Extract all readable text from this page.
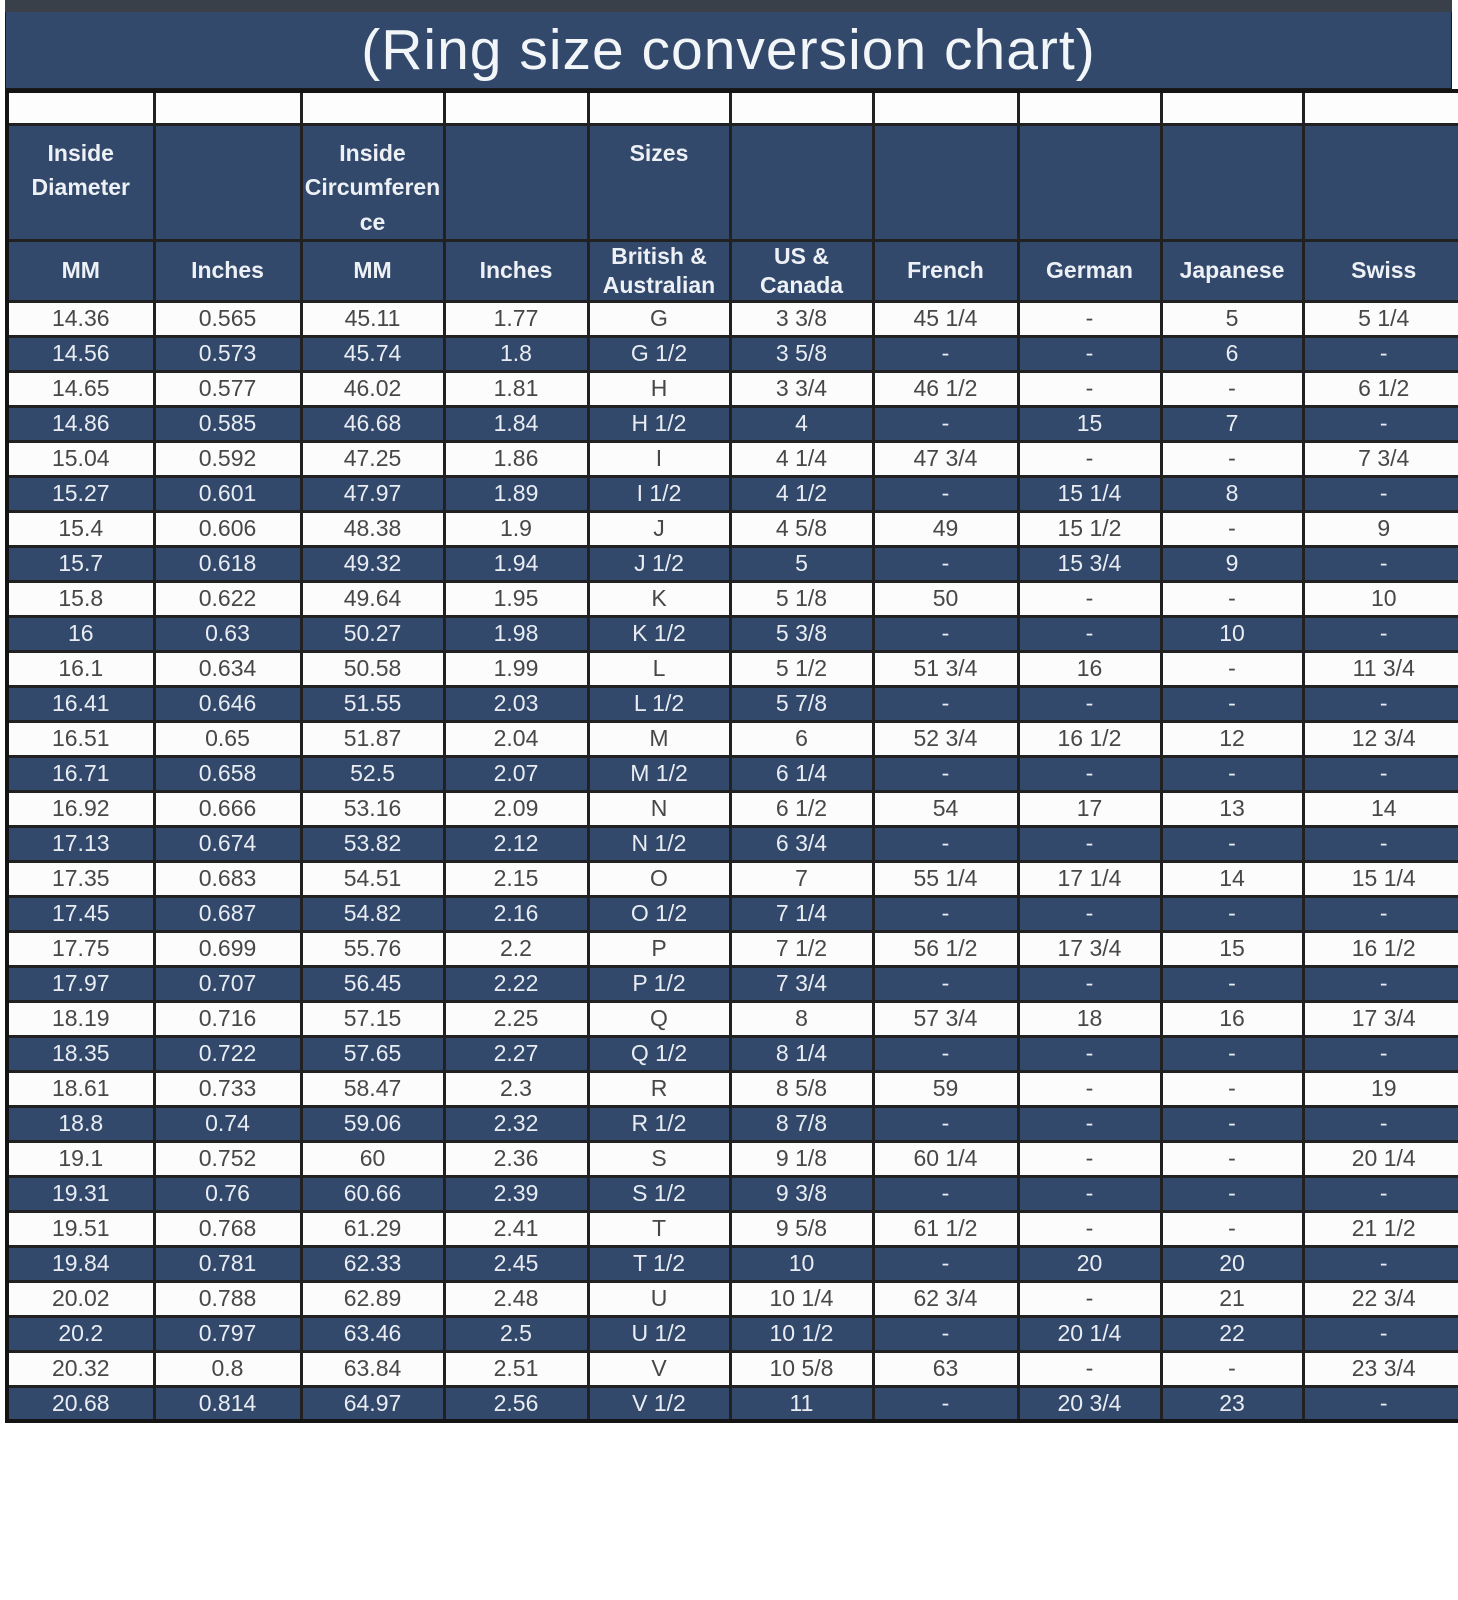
(Ring size conversion chart)

Inside Diameter		Inside Circumference		Sizes					
MM	Inches	MM	Inches	British & Australian	US & Canada	French	German	Japanese	Swiss
14.36	0.565	45.11	1.77	G	3 3/8	45 1/4	-	5	5 1/4
14.56	0.573	45.74	1.8	G 1/2	3 5/8	-	-	6	-
14.65	0.577	46.02	1.81	H	3 3/4	46 1/2	-	-	6 1/2
14.86	0.585	46.68	1.84	H 1/2	4	-	15	7	-
15.04	0.592	47.25	1.86	I	4 1/4	47 3/4	-	-	7 3/4
15.27	0.601	47.97	1.89	I 1/2	4 1/2	-	15 1/4	8	-
15.4	0.606	48.38	1.9	J	4 5/8	49	15 1/2	-	9
15.7	0.618	49.32	1.94	J 1/2	5	-	15 3/4	9	-
15.8	0.622	49.64	1.95	K	5 1/8	50	-	-	10
16	0.63	50.27	1.98	K 1/2	5 3/8	-	-	10	-
16.1	0.634	50.58	1.99	L	5 1/2	51 3/4	16	-	11 3/4
16.41	0.646	51.55	2.03	L 1/2	5 7/8	-	-	-	-
16.51	0.65	51.87	2.04	M	6	52 3/4	16 1/2	12	12 3/4
16.71	0.658	52.5	2.07	M 1/2	6 1/4	-	-	-	-
16.92	0.666	53.16	2.09	N	6 1/2	54	17	13	14
17.13	0.674	53.82	2.12	N 1/2	6 3/4	-	-	-	-
17.35	0.683	54.51	2.15	O	7	55 1/4	17 1/4	14	15 1/4
17.45	0.687	54.82	2.16	O 1/2	7 1/4	-	-	-	-
17.75	0.699	55.76	2.2	P	7 1/2	56 1/2	17 3/4	15	16 1/2
17.97	0.707	56.45	2.22	P 1/2	7 3/4	-	-	-	-
18.19	0.716	57.15	2.25	Q	8	57 3/4	18	16	17 3/4
18.35	0.722	57.65	2.27	Q 1/2	8 1/4	-	-	-	-
18.61	0.733	58.47	2.3	R	8 5/8	59	-	-	19
18.8	0.74	59.06	2.32	R 1/2	8 7/8	-	-	-	-
19.1	0.752	60	2.36	S	9 1/8	60 1/4	-	-	20 1/4
19.31	0.76	60.66	2.39	S 1/2	9 3/8	-	-	-	-
19.51	0.768	61.29	2.41	T	9 5/8	61 1/2	-	-	21 1/2
19.84	0.781	62.33	2.45	T 1/2	10	-	20	20	-
20.02	0.788	62.89	2.48	U	10 1/4	62 3/4	-	21	22 3/4
20.2	0.797	63.46	2.5	U 1/2	10 1/2	-	20 1/4	22	-
20.32	0.8	63.84	2.51	V	10 5/8	63	-	-	23 3/4
20.68	0.814	64.97	2.56	V 1/2	11	-	20 3/4	23	-
